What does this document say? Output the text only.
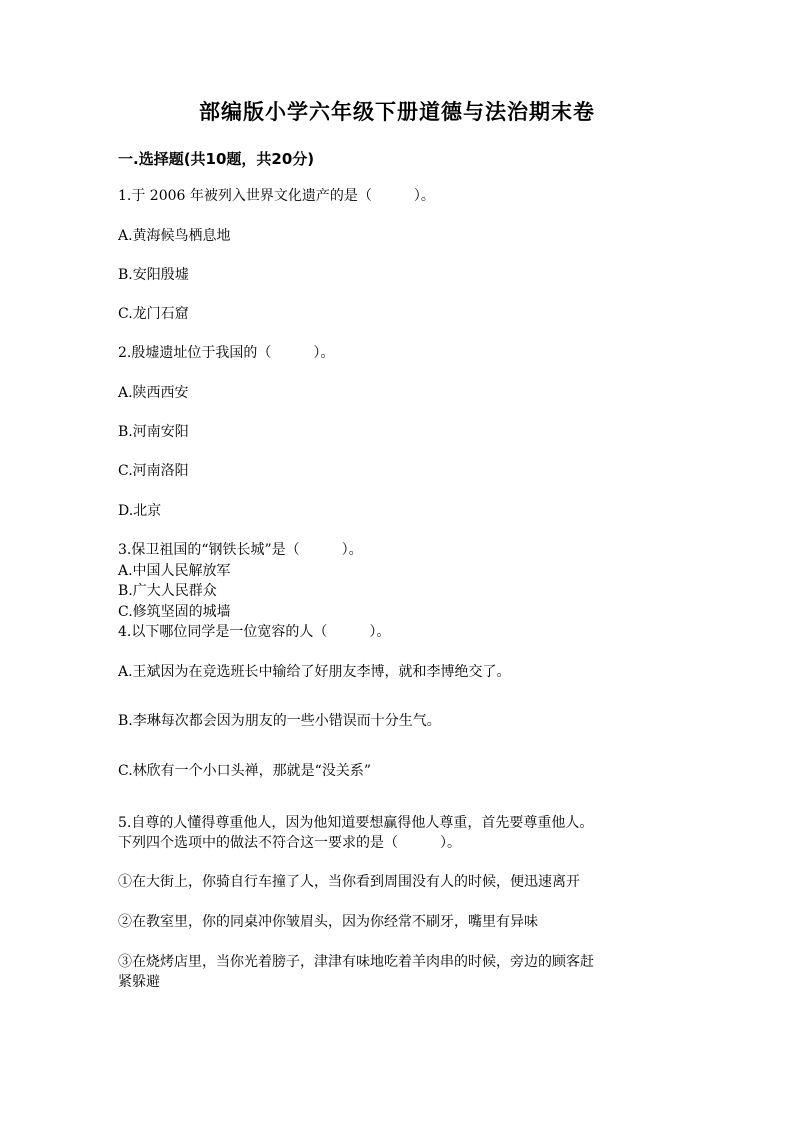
部编版小学六年级下册道德与法治期末卷
一.选择题(共10题，共20分)
1.于 2006 年被列入世界文化遗产的是（　　　）。
A.黄海候鸟栖息地
B.安阳殷墟
C.龙门石窟
2.殷墟遗址位于我国的（　　　）。
A.陕西西安
B.河南安阳
C.河南洛阳
D.北京
3.保卫祖国的“钢铁长城”是（　　　）。
A.中国人民解放军
B.广大人民群众
C.修筑坚固的城墙
4.以下哪位同学是一位宽容的人（　　　）。
A.王斌因为在竞选班长中输给了好朋友李博，就和李博绝交了。
B.李琳每次都会因为朋友的一些小错误而十分生气。
C.林欣有一个小口头禅，那就是“没关系”
5.自尊的人懂得尊重他人，因为他知道要想赢得他人尊重，首先要尊重他人。
下列四个选项中的做法不符合这一要求的是（　　　）。
①在大街上，你骑自行车撞了人，当你看到周围没有人的时候，便迅速离开
②在教室里，你的同桌冲你皱眉头，因为你经常不刷牙，嘴里有异味
③在烧烤店里，当你光着膀子，津津有味地吃着羊肉串的时候，旁边的顾客赶
紧躲避
